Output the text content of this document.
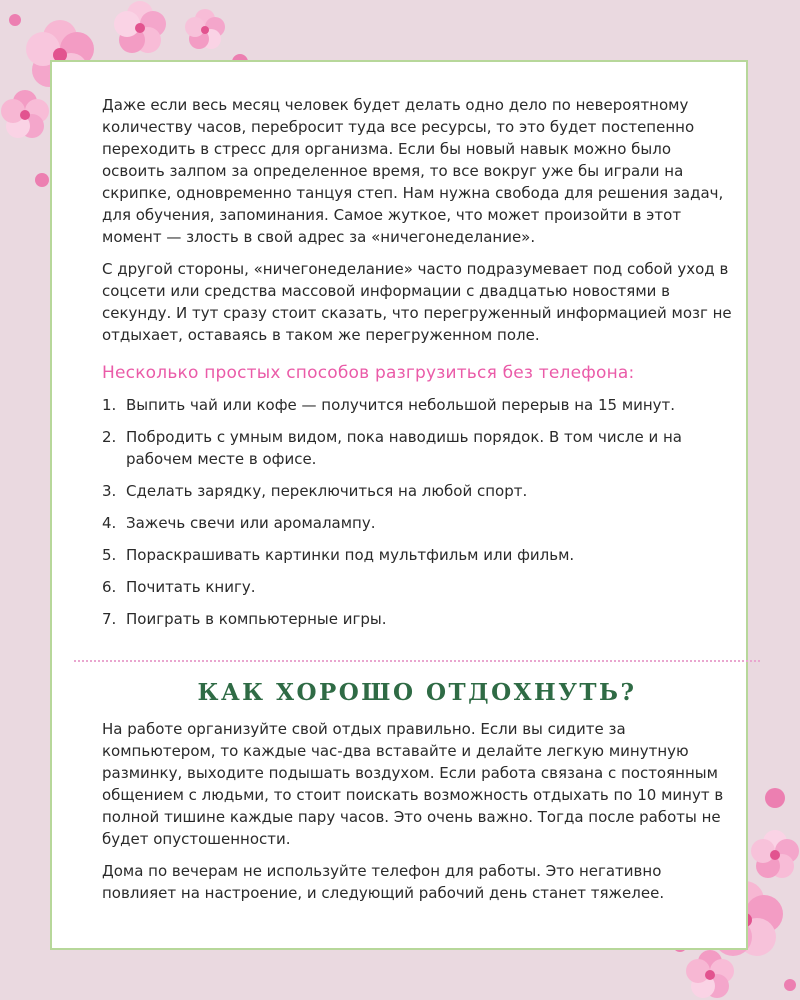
Даже если весь месяц человек будет делать одно дело по невероятному количеству часов, перебросит туда все ресурсы, то это будет постепенно переходить в стресс для организма. Если бы новый навык можно было освоить залпом за определенное время, то все вокруг уже бы играли на скрипке, одновременно танцуя степ. Нам нужна свобода для решения задач, для обучения, запоминания. Самое жуткое, что может произойти в этот момент — злость в свой адрес за «ничегонеделание».

С другой стороны, «ничегонеделание» часто подразумевает под собой уход в соцсети или средства массовой информации с двадцатью новостями в секунду. И тут сразу стоит сказать, что перегруженный информацией мозг не отдыхает, оставаясь в таком же перегруженном поле.

Несколько простых способов разгрузиться без телефона:
1. Выпить чай или кофе — получится небольшой перерыв на 15 минут.
2. Побродить с умным видом, пока наводишь порядок. В том числе и на рабочем месте в офисе.
3. Сделать зарядку, переключиться на любой спорт.
4. Зажечь свечи или аромалампу.
5. Пораскрашивать картинки под мультфильм или фильм.
6. Почитать книгу.
7. Поиграть в компьютерные игры.
КАК ХОРОШО ОТДОХНУТЬ?

На работе организуйте свой отдых правильно. Если вы сидите за компьютером, то каждые час-два вставайте и делайте легкую минутную разминку, выходите подышать воздухом. Если работа связана с постоянным общением с людьми, то стоит поискать возможность отдыхать по 10 минут в полной тишине каждые пару часов. Это очень важно. Тогда после работы не будет опустошенности.

Дома по вечерам не используйте телефон для работы. Это негативно повлияет на настроение, и следующий рабочий день станет тяжелее.
